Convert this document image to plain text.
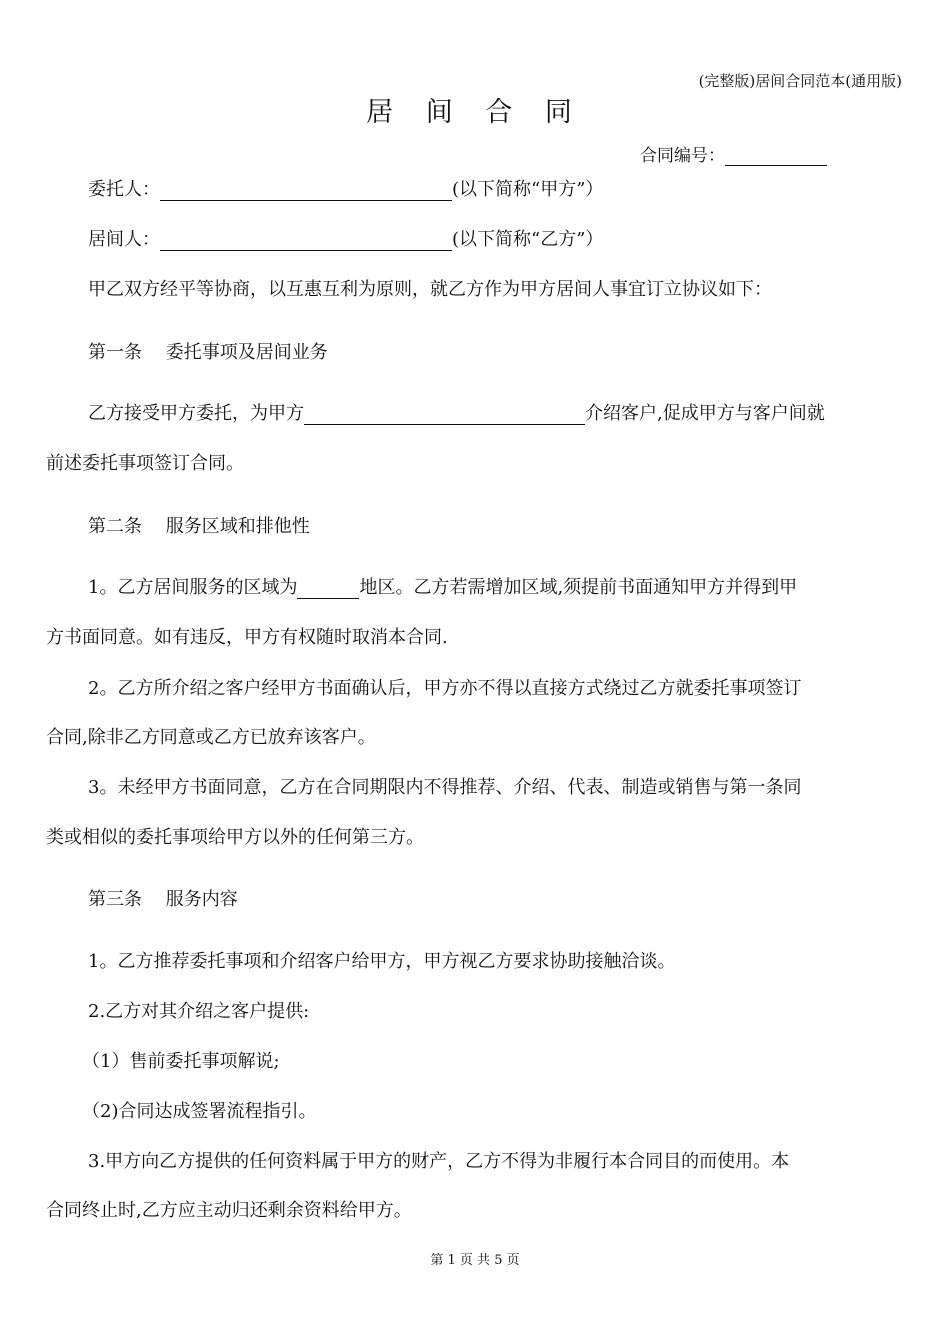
(完整版)居间合同范本(通用版)
居 间 合 同
合同编号：
委托人：	(以下简称“甲方”）
居间人：	(以下简称“乙方”）
甲乙双方经平等协商，以互惠互利为原则，就乙方作为甲方居间人事宜订立协议如下：
第一条　 委托事项及居间业务
乙方接受甲方委托，为甲方	介绍客户,促成甲方与客户间就
前述委托事项签订合同。
第二条　 服务区域和排他性
1。乙方居间服务的区域为	地区。乙方若需增加区域,须提前书面通知甲方并得到甲
方书面同意。如有违反，甲方有权随时取消本合同.
2。乙方所介绍之客户经甲方书面确认后，甲方亦不得以直接方式绕过乙方就委托事项签订
合同,除非乙方同意或乙方已放弃该客户。
3。未经甲方书面同意，乙方在合同期限内不得推荐、介绍、代表、制造或销售与第一条同
类或相似的委托事项给甲方以外的任何第三方。
第三条　 服务内容
1。乙方推荐委托事项和介绍客户给甲方，甲方视乙方要求协助接触洽谈。
2.乙方对其介绍之客户提供:
（1）售前委托事项解说;
（2)合同达成签署流程指引。
3.甲方向乙方提供的任何资料属于甲方的财产，乙方不得为非履行本合同目的而使用。本
合同终止时,乙方应主动归还剩余资料给甲方。
第 1 页 共 5 页
